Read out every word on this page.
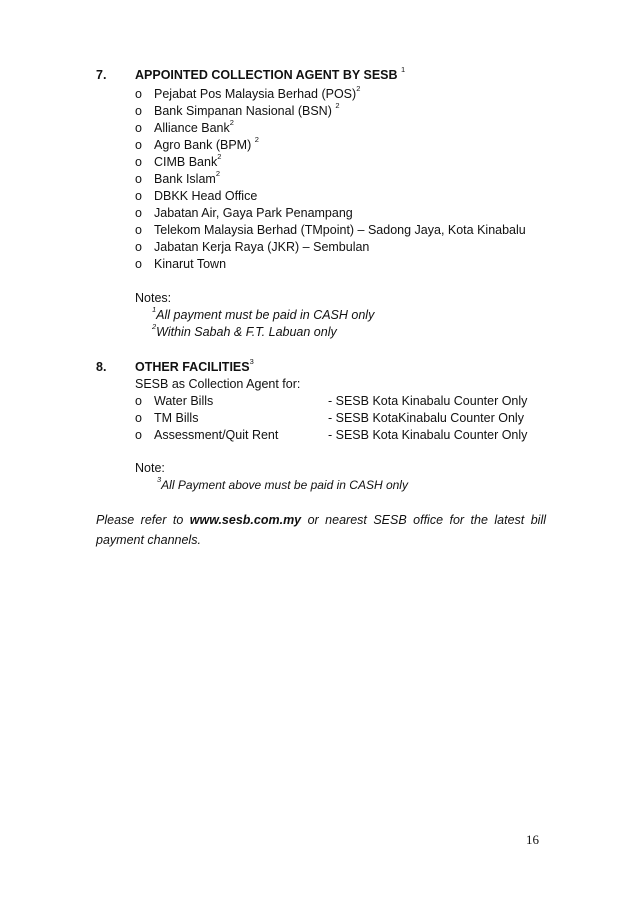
7. APPOINTED COLLECTION AGENT BY SESB $^1$
o Pejabat Pos Malaysia Berhad (POS)$^2$
o Bank Simpanan Nasional (BSN) $^2$
o Alliance Bank$^2$
o Agro Bank (BPM) $^2$
o CIMB Bank$^2$
o Bank Islam$^2$
o DBKK Head Office
o Jabatan Air, Gaya Park Penampang
o Telekom Malaysia Berhad (TMpoint) – Sadong Jaya, Kota Kinabalu
o Jabatan Kerja Raya (JKR) – Sembulan
o Kinarut Town
Notes:
$^1$All payment must be paid in CASH only
$^2$Within Sabah & F.T. Labuan only
8. OTHER FACILITIES$^3$
SESB as Collection Agent for:
o Water Bills	- SESB Kota Kinabalu Counter Only
o TM Bills	- SESB KotaKinabalu Counter Only
o Assessment/Quit Rent	- SESB Kota Kinabalu Counter Only
Note:
$^3$All Payment above must be paid in CASH only
Please refer to www.sesb.com.my or nearest SESB office for the latest bill payment channels.
16
